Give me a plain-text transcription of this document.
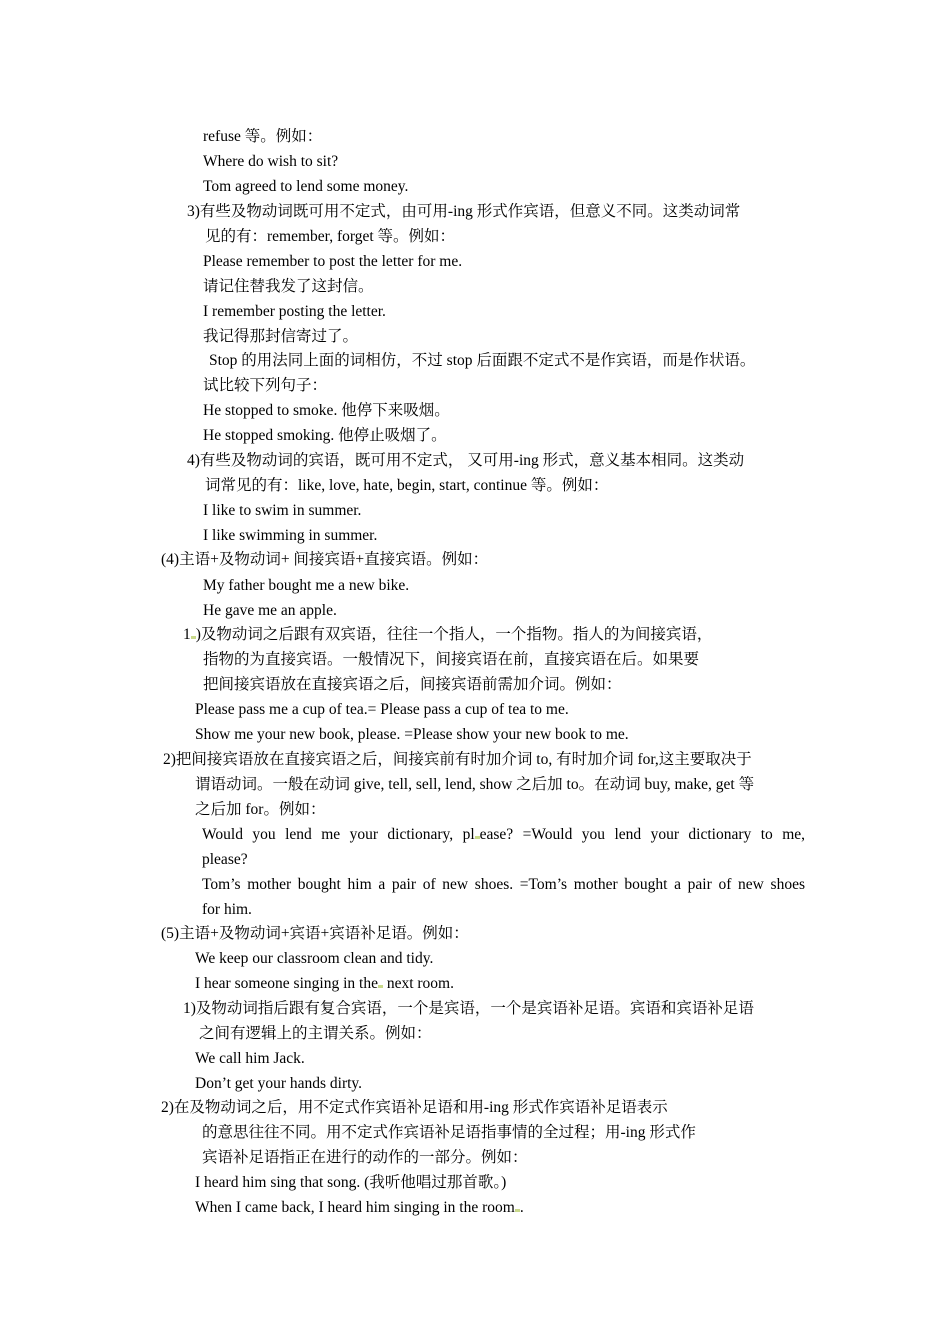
refuse 等。例如：
Where do wish to sit?
Tom agreed to lend some money.
3)有些及物动词既可用不定式，由可用-ing 形式作宾语，但意义不同。这类动词常
见的有：remember, forget 等。例如：
Please remember to post the letter for me.
请记住替我发了这封信。
I remember posting the letter.
我记得那封信寄过了。
Stop 的用法同上面的词相仿，不过 stop 后面跟不定式不是作宾语，而是作状语。
试比较下列句子：
He stopped to smoke. 他停下来吸烟。
He stopped smoking. 他停止吸烟了。
4)有些及物动词的宾语，既可用不定式， 又可用-ing 形式，意义基本相同。这类动
词常见的有：like, love, hate, begin, start, continue 等。例如：
I like to swim in summer.
I like swimming in summer.
(4)主语+及物动词+ 间接宾语+直接宾语。例如：
My father bought me a new bike.
He gave me an apple.
1 )及物动词之后跟有双宾语，往往一个指人，一个指物。指人的为间接宾语，
指物的为直接宾语。一般情况下，间接宾语在前，直接宾语在后。如果要
把间接宾语放在直接宾语之后，间接宾语前需加介词。例如：
Please pass me a cup of tea.= Please pass a cup of tea to me.
Show me your new book, please. =Please show your new book to me.
2)把间接宾语放在直接宾语之后，间接宾前有时加介词 to, 有时加介词 for,这主要取决于
谓语动词。一般在动词 give, tell, sell, lend, show 之后加 to。在动词 buy, make, get 等
之后加 for。例如：
Would you lend me your dictionary, pl ease? =Would you lend your dictionary to me,
please?
Tom’s mother bought him a pair of new shoes. =Tom’s mother bought a pair of new shoes
for him.
(5)主语+及物动词+宾语+宾语补足语。例如：
We keep our classroom clean and tidy.
I hear someone singing in the next room.
1)及物动词指后跟有复合宾语，一个是宾语，一个是宾语补足语。宾语和宾语补足语
之间有逻辑上的主谓关系。例如：
We call him Jack.
Don’t get your hands dirty.
2)在及物动词之后，用不定式作宾语补足语和用-ing 形式作宾语补足语表示
的意思往往不同。用不定式作宾语补足语指事情的全过程；用-ing 形式作
宾语补足语指正在进行的动作的一部分。例如：
I heard him sing that song. (我听他唱过那首歌。)
When I came back, I heard him singing in the room .
